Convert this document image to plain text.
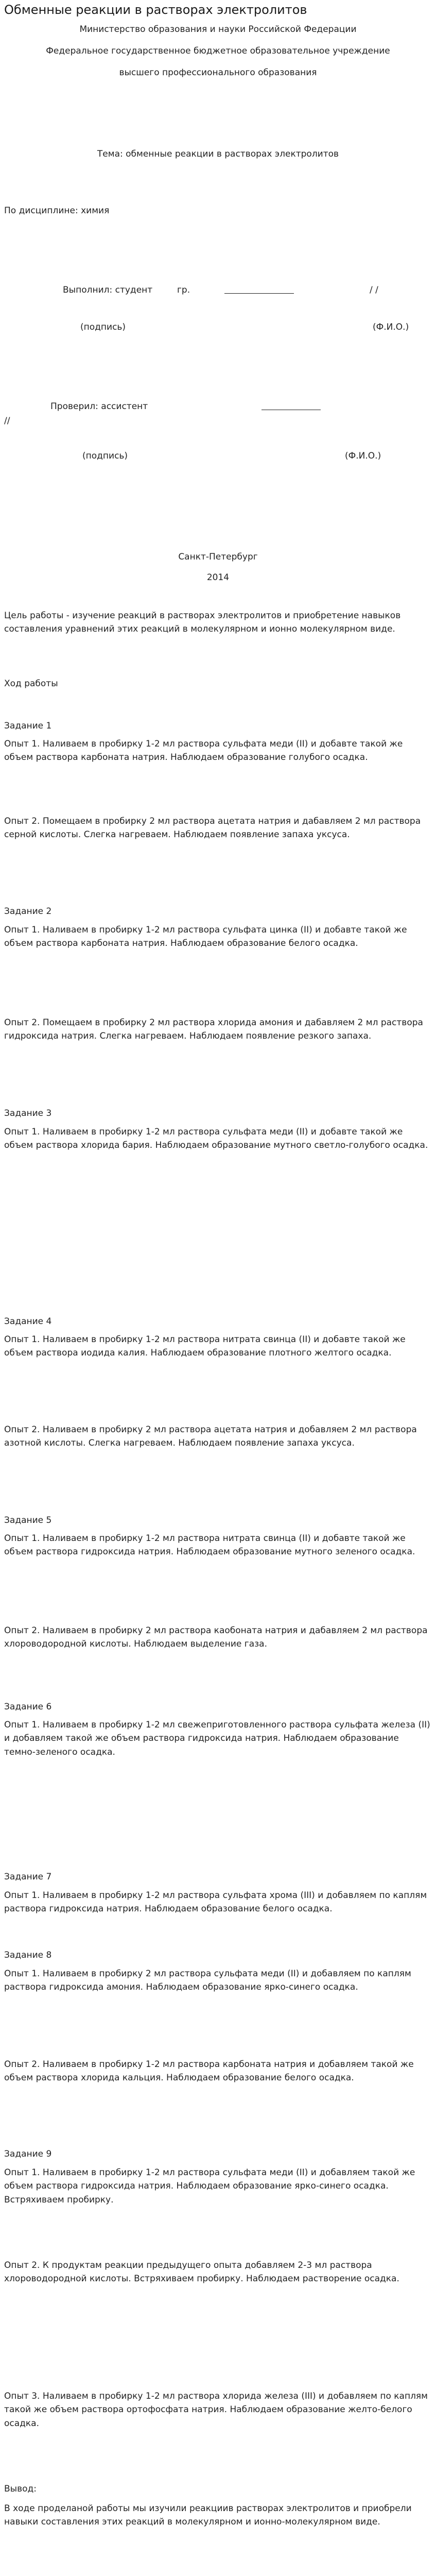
Обменные реакции в растворах электролитов
Министерство образования и науки Российской Федерации
Федеральное государственное бюджетное образовательное учреждение
высшего профессионального образования
Тема: обменные реакции в растворах электролитов
По дисциплине: химия
Выполнил: студент	гр.	/ /
(подпись)	(Ф.И.О.)
Проверил: ассистент
//
(подпись)	(Ф.И.О.)
Санкт-Петербург
2014

Цель работы - изучение реакций в растворах электролитов и приобретение навыков составления уравнений этих реакций в молекулярном и ионно молекулярном виде.

Ход работы
Задание 1

Опыт 1. Наливаем в пробирку 1-2 мл раствора сульфата меди (II) и добавте такой же объем раствора карбоната натрия. Наблюдаем образование голубого осадка.

Опыт 2. Помещаем в пробирку 2 мл раствора ацетата натрия и дабавляем 2 мл раствора серной кислоты. Слегка нагреваем. Наблюдаем появление запаха уксуса.

Задание 2

Опыт 1. Наливаем в пробирку 1-2 мл раствора сульфата цинка (II) и добавте такой же объем раствора карбоната натрия. Наблюдаем образование белого осадка.

Опыт 2. Помещаем в пробирку 2 мл раствора хлорида амония и дабавляем 2 мл раствора гидроксида натрия. Слегка нагреваем. Наблюдаем появление резкого запаха.

Задание 3

Опыт 1. Наливаем в пробирку 1-2 мл раствора сульфата меди (II) и добавте такой же объем раствора хлорида бария. Наблюдаем образование мутного светло-голубого осадка.

Задание 4

Опыт 1. Наливаем в пробирку 1-2 мл раствора нитрата свинца (II) и добавте такой же объем раствора иодида калия. Наблюдаем образование плотного желтого осадка.

Опыт 2. Наливаем в пробирку 2 мл раствора ацетата натрия и добавляем 2 мл раствора азотной кислоты. Слегка нагреваем. Наблюдаем появление запаха уксуса.

Задание 5

Опыт 1. Наливаем в пробирку 1-2 мл раствора нитрата свинца (II) и добавте такой же объем раствора гидроксида натрия. Наблюдаем образование мутного зеленого осадка.

Опыт 2. Наливаем в пробирку 2 мл раствора каобоната натрия и дабавляем 2 мл раствора хлороводородной кислоты. Наблюдаем выделение газа.

Задание 6

Опыт 1. Наливаем в пробирку 1-2 мл свежеприготовленного раствора сульфата железа (II) и добавляем такой же объем раствора гидроксида натрия. Наблюдаем образование темно-зеленого осадка.

Задание 7

Опыт 1. Наливаем в пробирку 1-2 мл раствора сульфата хрома (III) и добавляем по каплям раствора гидроксида натрия. Наблюдаем образование белого осадка.

Задание 8

Опыт 1. Наливаем в пробирку 2 мл раствора сульфата меди (II) и добавляем по каплям раствора гидроксида амония. Наблюдаем образование ярко-синего осадка.

Опыт 2. Наливаем в пробирку 1-2 мл раствора карбоната натрия и добавляем такой же объем раствора хлорида кальция. Наблюдаем образование белого осадка.

Задание 9

Опыт 1. Наливаем в пробирку 1-2 мл раствора сульфата меди (II) и добавляем такой же объем раствора гидроксида натрия. Наблюдаем образование ярко-синего осадка. Встряхиваем пробирку.

Опыт 2. К продуктам реакции предыдущего опыта добавляем 2-3 мл раствора хлороводородной кислоты. Встряхиваем пробирку. Наблюдаем растворение осадка.

Опыт 3. Наливаем в пробирку 1-2 мл раствора хлорида железа (III) и добавляем по каплям такой же объем раствора ортофосфата натрия. Наблюдаем образование желто-белого осадка.

Вывод:

В ходе проделаной работы мы изучили реакциив растворах электролитов и приобрели навыки составления этих реакций в молекулярном и ионно-молекулярном виде.
